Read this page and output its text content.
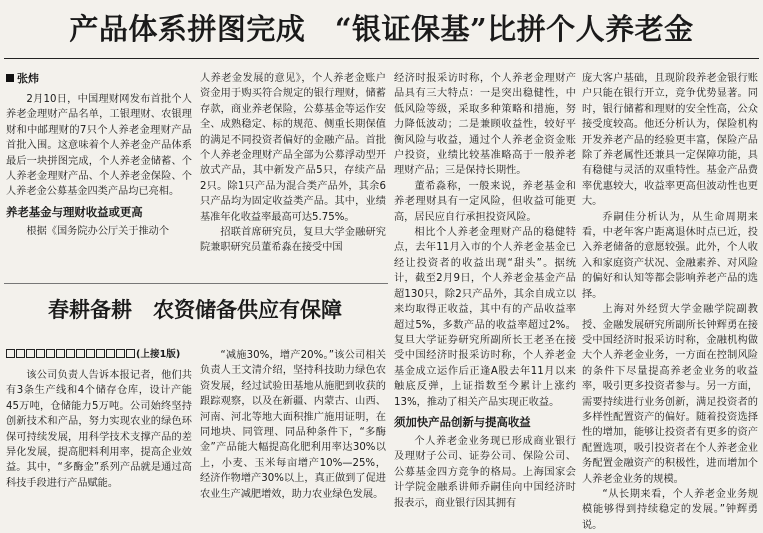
产品体系拼图完成　“银证保基”比拼个人养老金
张炜

2月10日，中国理财网发布首批个人养老金理财产品名单，工银理财、农银理财和中邮理财的7只个人养老金理财产品首批入围。这意味着个人养老金产品体系最后一块拼图完成，个人养老金储蓄、个人养老金理财产品、个人养老金保险、个人养老金公募基金四类产品均已亮相。

养老基金与理财收益或更高

根据《国务院办公厅关于推动个

人养老金发展的意见》，个人养老金账户资金用于购买符合规定的银行理财，储蓄存款，商业养老保险，公募基金等运作安全、成熟稳定、标的规范、侧重长期保值的满足不同投资者偏好的金融产品。首批个人养老金理财产品全部为公募浮动型开放式产品，其中新发产品5只，存续产品2只。除1只产品为混合类产品外，其余6只产品均为固定收益类产品。其中，业绩基准年化收益率最高可达5.75%。

招联首席研究员，复旦大学金融研究院兼职研究员董希淼在接受中国

经济时报采访时称，个人养老金理财产品具有三大特点：一是突出稳健性，中低风险等级，采取多种策略和措施，努力降低波动；二是兼顾收益性，较好平衡风险与收益，通过个人养老金资金账户投资，业绩比较基准略高于一般养老理财产品；三是保持长期性。

董希淼称，一般来说，养老基金和养老理财具有一定风险，但收益可能更高，居民应自行承担投资风险。

相比个人养老金理财产品的稳健特点，去年11月入市的个人养老金基金已经让投资者的收益出现“甜头”。据统计，截至2月9日，个人养老金基金产品超130只，除2只产品外，其余自成立以来均取得正收益，其中有的产品收益率超过5%，多数产品的收益率超过2%。复旦大学证券研究所副所长王老圣在接受中国经济时报采访时称，个人养老金基金成立运作后正逢A股去年11月以来触底反弹，上证指数至今累计上涨约13%，推动了相关产品实现正收益。

须加快产品创新与提高收益

个人养老金业务现已形成商业银行及理财子公司、证券公司、保险公司、公募基金四方竞争的格局。上海国家会计学院金融系讲师乔嗣佳向中国经济时报表示，商业银行因其拥有

庞大客户基础，且现阶段养老金银行账户只能在银行开立，竞争优势显著。同时，银行储蓄和理财的安全性高，公众接受度较高。他还分析认为，保险机构开发养老产品的经验更丰富，保险产品除了养老属性还兼具一定保障功能，具有稳健与灵活的双重特性。基金产品费率优惠较大，收益率更高但波动性也更大。

乔嗣佳分析认为，从生命周期来看，中老年客户距离退休时点已近，投入养老储备的意愿较强。此外，个人收入和家庭资产状况、金融素养、对风险的偏好和认知等都会影响养老产品的选择。

上海对外经贸大学金融学院副教授、金融发展研究所副所长钟辉勇在接受中国经济时报采访时称，金融机构做大个人养老金业务，一方面在控制风险的条件下尽量提高养老金业务的收益率，吸引更多投资者参与。另一方面，需要持续进行业务创新，满足投资者的多样性配置资产的偏好。随着投资选择性的增加，能够让投资者有更多的资产配置选项，吸引投资者在个人养老金业务配置金融资产的积极性，进而增加个人养老金业务的规模。

“从长期来看，个人养老金业务规模能够得到持续稳定的发展。”钟辉勇说。

春耕备耕　农资储备供应有保障
(上接1版)

该公司负责人告诉本报记者，他们共有3条生产线和4个储存仓库，设计产能45万吨，仓储能力5万吨。公司始终坚持创新技术和产品，努力实现农业的绿色环保可持续发展，用科学技术支撑产品的差异化发展，提高肥料利用率，提高企业效益。其中，“多酶金”系列产品就是通过高科技手段进行产品赋能。

“减施30%，增产20%。”该公司相关负责人王文清介绍，坚持科技助力绿色农资发展，经过试验田基地从施肥到收获的跟踪观察，以及在新疆、内蒙古、山西、河南、河北等地大面积推广施用证明，在同地块、同管理、同品种条件下，“多酶金”产品能大幅提高化肥利用率达30%以上，小麦、玉米每亩增产10%—25%，经济作物增产30%以上，真正做到了促进农业生产减肥增效，助力农业绿色发展。
